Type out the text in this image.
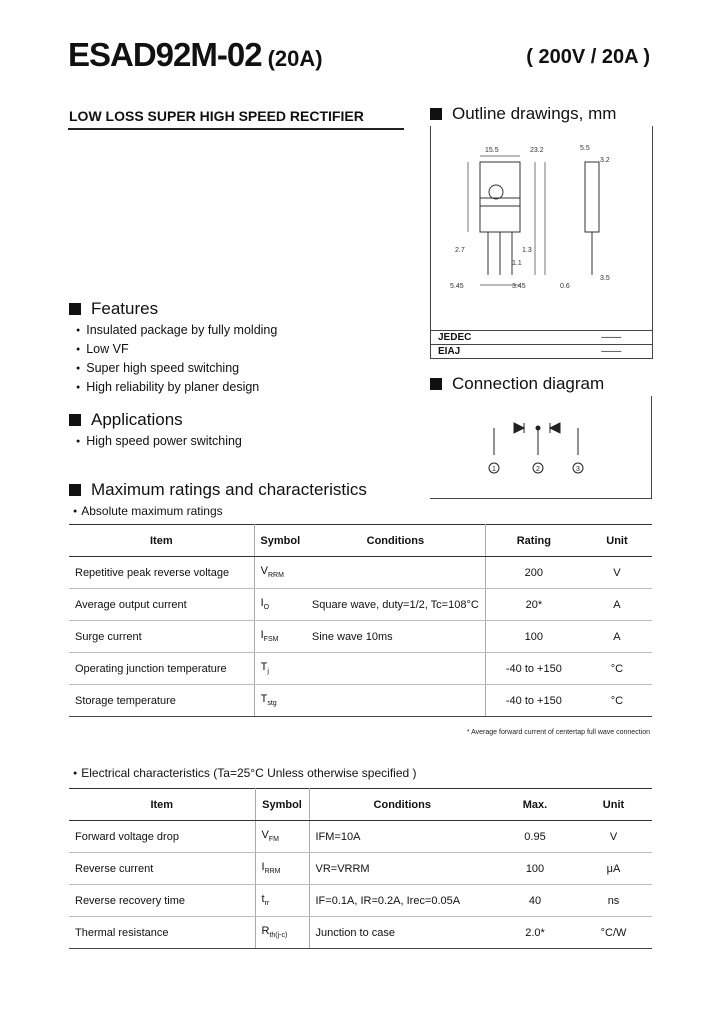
ESAD92M-02 (20A)	( 200V / 20A )
LOW LOSS SUPER HIGH SPEED RECTIFIER	Outline drawings, mm
15.5	23.2	5.5
3.2
2.7	1.3
1.1
5.45	3.45	0.6
3.5
JEDEC	——
EIAJ	——
Features
● Insulated package by fully molding
● Low VF
● Super high speed switching
● High reliability by planer design	Connection diagram
1	2	3
Applications
● High speed power switching
Maximum ratings and characteristics
● Absolute maximum ratings
Item	Symbol	Conditions	Rating	Unit
Repetitive peak reverse voltage	$V_{RRM}$		200	V
Average output current	$I_O$	Square wave, duty=1/2, Tc=108°C	20*	A
Surge current	$I_{FSM}$	Sine wave 10ms	100	A
Operating junction temperature	$T_j$		-40 to +150	°C
Storage temperature	$T_{stg}$		-40 to +150	°C
* Average forward current of centertap full wave connection
● Electrical characteristics (Ta=25°C Unless otherwise specified )
Item	Symbol	Conditions	Max.	Unit
Forward voltage drop	$V_{FM}$	IFM=10A	0.95	V
Reverse current	$I_{RRM}$	VR=VRRM	100	μA
Reverse recovery time	$t_{rr}$	IF=0.1A, IR=0.2A, Irec=0.05A	40	ns
Thermal resistance	$R_{th(j-c)}$	Junction to case	2.0*	°C/W
